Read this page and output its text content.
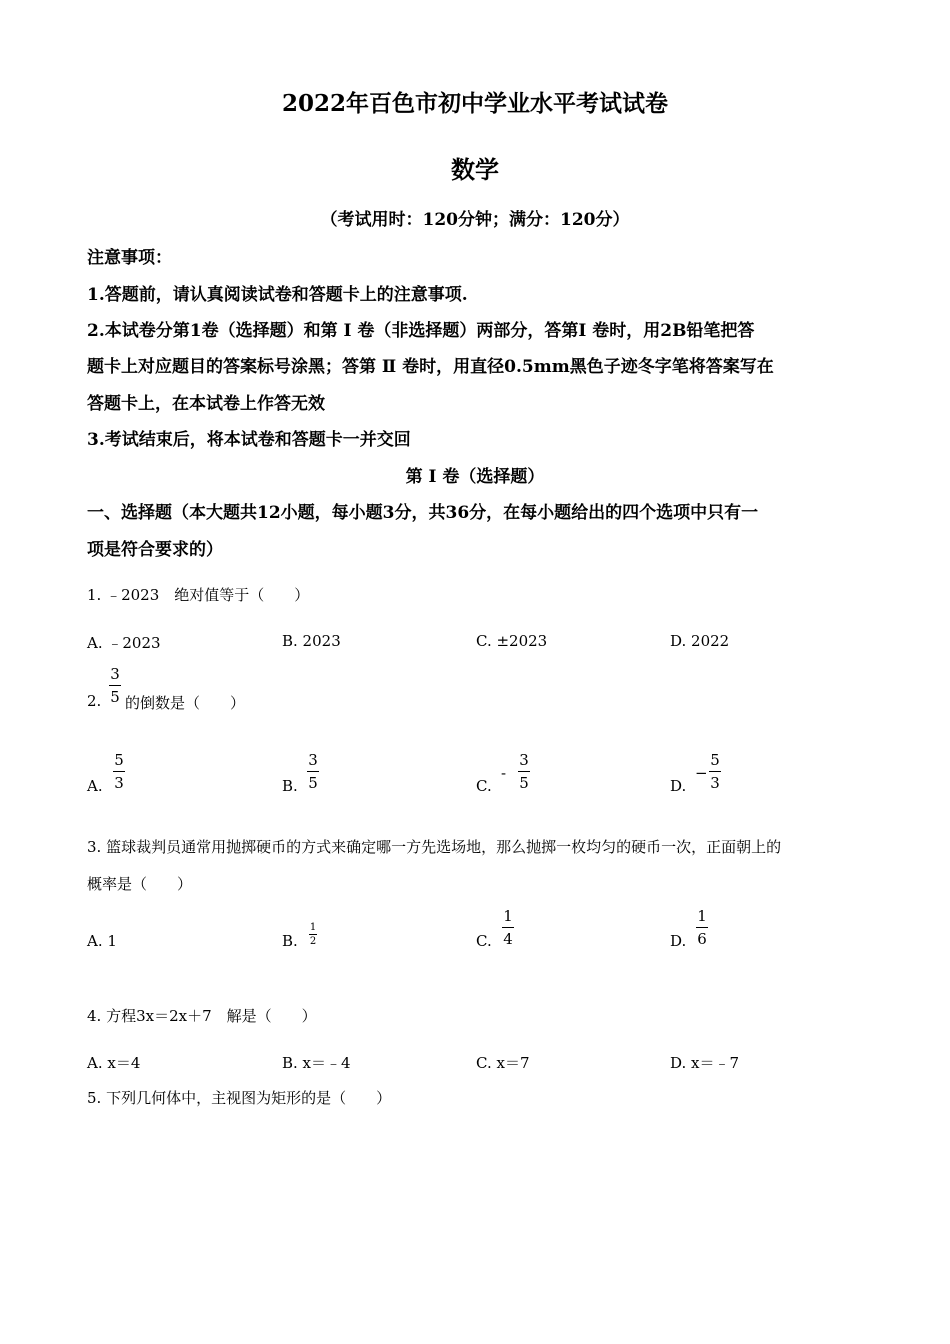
2022年百色市初中学业水平考试试卷
数学
（考试用时：120分钟；满分：120分）
注意事项：
1.答题前，请认真阅读试卷和答题卡上的注意事项.
2.本试卷分第1卷（选择题）和第 I 卷（非选择题）两部分，答第I 卷时，用2B铅笔把答
题卡上对应题目的答案标号涂黑；答第 Ⅱ 卷时，用直径0.5mm黑色子迹冬字笔将答案写在
答题卡上，在本试卷上作答无效
3.考试结束后，将本试卷和答题卡一并交回
第 I 卷（选择题）
一、选择题（本大题共12小题，每小题3分，共36分，在每小题给出的四个选项中只有一
项是符合要求的）
1. ﹣2023　绝对值等于（　　）
A. ﹣2023	B. 2023	C. ±2023	D. 2022
2.
3
5 的倒数是（　　）
A.
5
3	B.
3
5	C.
-
3
5	D.
−
5
3
3. 篮球裁判员通常用抛掷硬币的方式来确定哪一方先选场地，那么抛掷一枚均匀的硬币一次，正面朝上的
概率是（　　）
A. 1	B.
1
2	C.
1
4	D.
1
6
4. 方程3x＝2x＋7　解是（　　）
A. x＝4	B. x＝﹣4	C. x＝7	D. x＝﹣7
5. 下列几何体中，主视图为矩形的是（　　）
